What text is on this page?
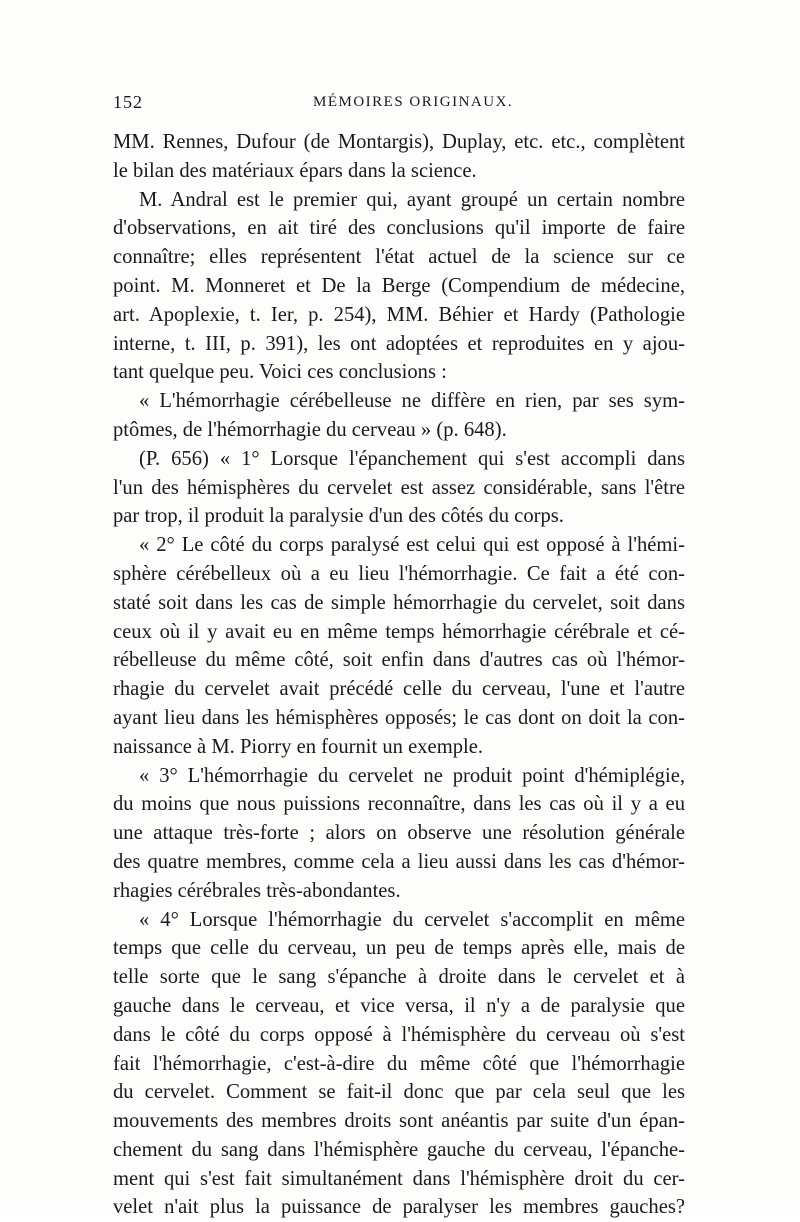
152	MÉMOIRES ORIGINAUX.
MM. Rennes, Dufour (de Montargis), Duplay, etc. etc., complètent
le bilan des matériaux épars dans la science.
M. Andral est le premier qui, ayant groupé un certain nombre
d'observations, en ait tiré des conclusions qu'il importe de faire
connaître; elles représentent l'état actuel de la science sur ce
point. M. Monneret et De la Berge (Compendium de médecine,
art. Apoplexie, t. Ier, p. 254), MM. Béhier et Hardy (Pathologie
interne, t. III, p. 391), les ont adoptées et reproduites en y ajou-
tant quelque peu. Voici ces conclusions :
« L'hémorrhagie cérébelleuse ne diffère en rien, par ses sym-
ptômes, de l'hémorrhagie du cerveau » (p. 648).
(P. 656) « 1° Lorsque l'épanchement qui s'est accompli dans
l'un des hémisphères du cervelet est assez considérable, sans l'être
par trop, il produit la paralysie d'un des côtés du corps.
« 2° Le côté du corps paralysé est celui qui est opposé à l'hémi-
sphère cérébelleux où a eu lieu l'hémorrhagie. Ce fait a été con-
staté soit dans les cas de simple hémorrhagie du cervelet, soit dans
ceux où il y avait eu en même temps hémorrhagie cérébrale et cé-
rébelleuse du même côté, soit enfin dans d'autres cas où l'hémor-
rhagie du cervelet avait précédé celle du cerveau, l'une et l'autre
ayant lieu dans les hémisphères opposés; le cas dont on doit la con-
naissance à M. Piorry en fournit un exemple.
« 3° L'hémorrhagie du cervelet ne produit point d'hémiplégie,
du moins que nous puissions reconnaître, dans les cas où il y a eu
une attaque très-forte ; alors on observe une résolution générale
des quatre membres, comme cela a lieu aussi dans les cas d'hémor-
rhagies cérébrales très-abondantes.
« 4° Lorsque l'hémorrhagie du cervelet s'accomplit en même
temps que celle du cerveau, un peu de temps après elle, mais de
telle sorte que le sang s'épanche à droite dans le cervelet et à
gauche dans le cerveau, et vice versa, il n'y a de paralysie que
dans le côté du corps opposé à l'hémisphère du cerveau où s'est
fait l'hémorrhagie, c'est-à-dire du même côté que l'hémorrhagie
du cervelet. Comment se fait-il donc que par cela seul que les
mouvements des membres droits sont anéantis par suite d'un épan-
chement du sang dans l'hémisphère gauche du cerveau, l'épanche-
ment qui s'est fait simultanément dans l'hémisphère droit du cer-
velet n'ait plus la puissance de paralyser les membres gauches?
